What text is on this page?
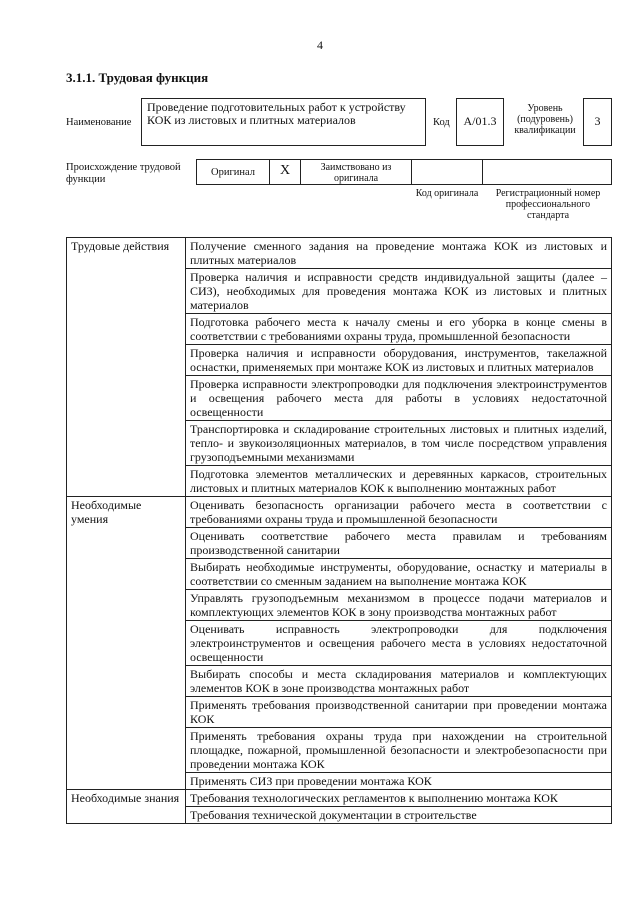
4
3.1.1. Трудовая функция
Наименование
Проведение подготовительных работ к устройству КОК из листовых и плитных материалов	Код	А/01.3
Уровень (подуровень) квалификации
3
Происхождение трудовой функции
Оригинал	X	Заимствовано из оригинала
Код оригинала	Регистрационный номер профессионального стандарта
Трудовые действия	Получение сменного задания на проведение монтажа КОК из листовых и плитных материалов
	Проверка наличия и исправности средств индивидуальной защиты (далее – СИЗ), необходимых для проведения монтажа КОК из листовых и плитных материалов
	Подготовка рабочего места к началу смены и его уборка в конце смены в соответствии с требованиями охраны труда, промышленной безопасности
	Проверка наличия и исправности оборудования, инструментов, такелажной оснастки, применяемых при монтаже КОК из листовых и плитных материалов
	Проверка исправности электропроводки для подключения электроинструментов и освещения рабочего места для работы в условиях недостаточной освещенности
	Транспортировка и складирование строительных листовых и плитных изделий, тепло- и звукоизоляционных материалов, в том числе посредством управления грузоподъемными механизмами
	Подготовка элементов металлических и деревянных каркасов, строительных листовых и плитных материалов КОК к выполнению монтажных работ
Необходимые умения	Оценивать безопасность организации рабочего места в соответствии с требованиями охраны труда и промышленной безопасности
	Оценивать соответствие рабочего места правилам и требованиям производственной санитарии
	Выбирать необходимые инструменты, оборудование, оснастку и материалы в соответствии со сменным заданием на выполнение монтажа КОК
	Управлять грузоподъемным механизмом в процессе подачи материалов и комплектующих элементов КОК в зону производства монтажных работ
	Оценивать исправность электропроводки для подключения электроинструментов и освещения рабочего места в условиях недостаточной освещенности
	Выбирать способы и места складирования материалов и комплектующих элементов КОК в зоне производства монтажных работ
	Применять требования производственной санитарии при проведении монтажа КОК
	Применять требования охраны труда при нахождении на строительной площадке, пожарной, промышленной безопасности и электробезопасности при проведении монтажа КОК
	Применять СИЗ при проведении монтажа КОК
Необходимые знания	Требования технологических регламентов к выполнению монтажа КОК
	Требования технической документации в строительстве
